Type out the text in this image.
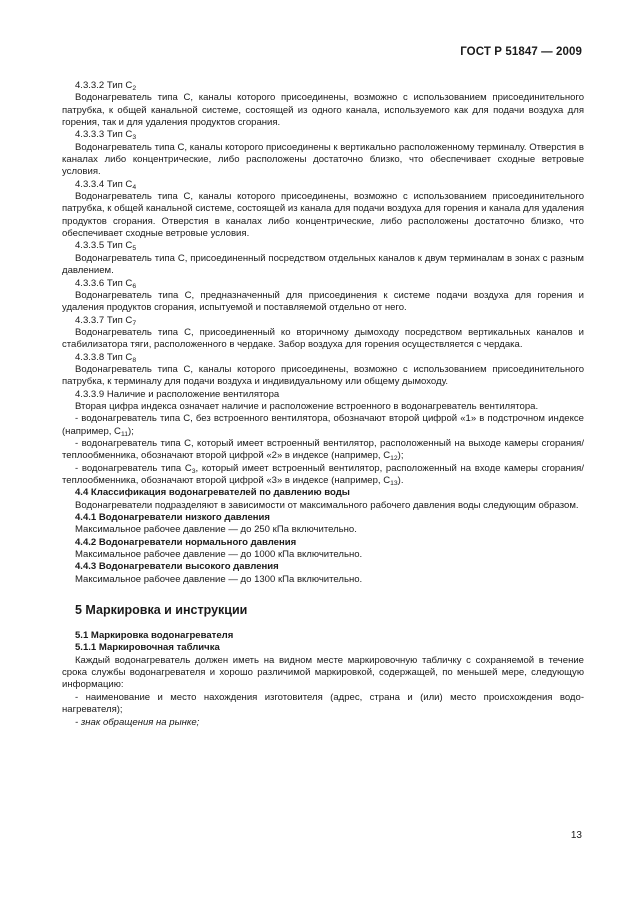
ГОСТ Р 51847 — 2009

4.3.3.2 Тип $С_2$

Водонагреватель типа С, каналы которого присоединены, возможно с использованием присоединительного патрубка, к общей канальной системе, состоящей из одного канала, используемого как для подачи воздуха для горения, так и для удаления продуктов сгорания.

4.3.3.3 Тип $С_3$

Водонагреватель типа С, каналы которого присоединены к вертикально расположенному терминалу. Отверстия в каналах либо концентрические, либо расположены достаточно близко, что обеспечивает сходные ветровые условия.

4.3.3.4 Тип $С_4$

Водонагреватель типа С, каналы которого присоединены, возможно с использованием присоединительного патрубка, к общей канальной системе, состоящей из канала для подачи воздуха для горения и канала для удаления продуктов сгорания. Отверстия в каналах либо концентрические, либо расположены достаточно близко, что обеспечивает сходные ветровые условия.

4.3.3.5 Тип $С_5$

Водонагреватель типа С, присоединенный посредством отдельных каналов к двум терминалам в зонах с разным давлением.

4.3.3.6 Тип $С_6$

Водонагреватель типа С, предназначенный для присоединения к системе подачи воздуха для горения и удаления продуктов сгорания, испытуемой и поставляемой отдельно от него.

4.3.3.7 Тип $С_7$

Водонагреватель типа С, присоединенный ко вторичному дымоходу посредством вертикальных каналов и стабилизатора тяги, расположенного в чердаке. Забор воздуха для горения осуществляется с чердака.

4.3.3.8 Тип $С_8$

Водонагреватель типа С, каналы которого присоединены, возможно с использованием присоединительного патрубка, к терминалу для подачи воздуха и индивидуальному или общему дымоходу.

4.3.3.9 Наличие и расположение вентилятора

Вторая цифра индекса означает наличие и расположение встроенного в водонагреватель вентилятора.

- водонагреватель типа С, без встроенного вентилятора, обозначают второй цифрой «1» в подстрочном индексе (например, $С_{11}$);

- водонагреватель типа С, который имеет встроенный вентилятор, расположенный на выходе камеры сгорания/теплообменника, обозначают второй цифрой «2» в индексе (например, $С_{12}$);

- водонагреватель типа $С_3$, который имеет встроенный вентилятор, расположенный на входе камеры сгорания/теплообменника, обозначают второй цифрой «3» в индексе (например, $С_{13}$).

4.4 Классификация водонагревателей по давлению воды

Водонагреватели подразделяют в зависимости от максимального рабочего давления воды следующим образом.

4.4.1 Водонагреватели низкого давления

Максимальное рабочее давление — до 250 кПа включительно.

4.4.2 Водонагреватели нормального давления

Максимальное рабочее давление — до 1000 кПа включительно.

4.4.3 Водонагреватели высокого давления

Максимальное рабочее давление — до 1300 кПа включительно.

5 Маркировка и инструкции

5.1 Маркировка водонагревателя

5.1.1 Маркировочная табличка

Каждый водонагреватель должен иметь на видном месте маркировочную табличку с сохраняемой в течение срока службы водонагревателя и хорошо различимой маркировкой, содержащей, по меньшей мере, следующую информацию:

- наименование и место нахождения изготовителя (адрес, страна и (или) место происхождения водонагревателя);

- знак обращения на рынке;

13
